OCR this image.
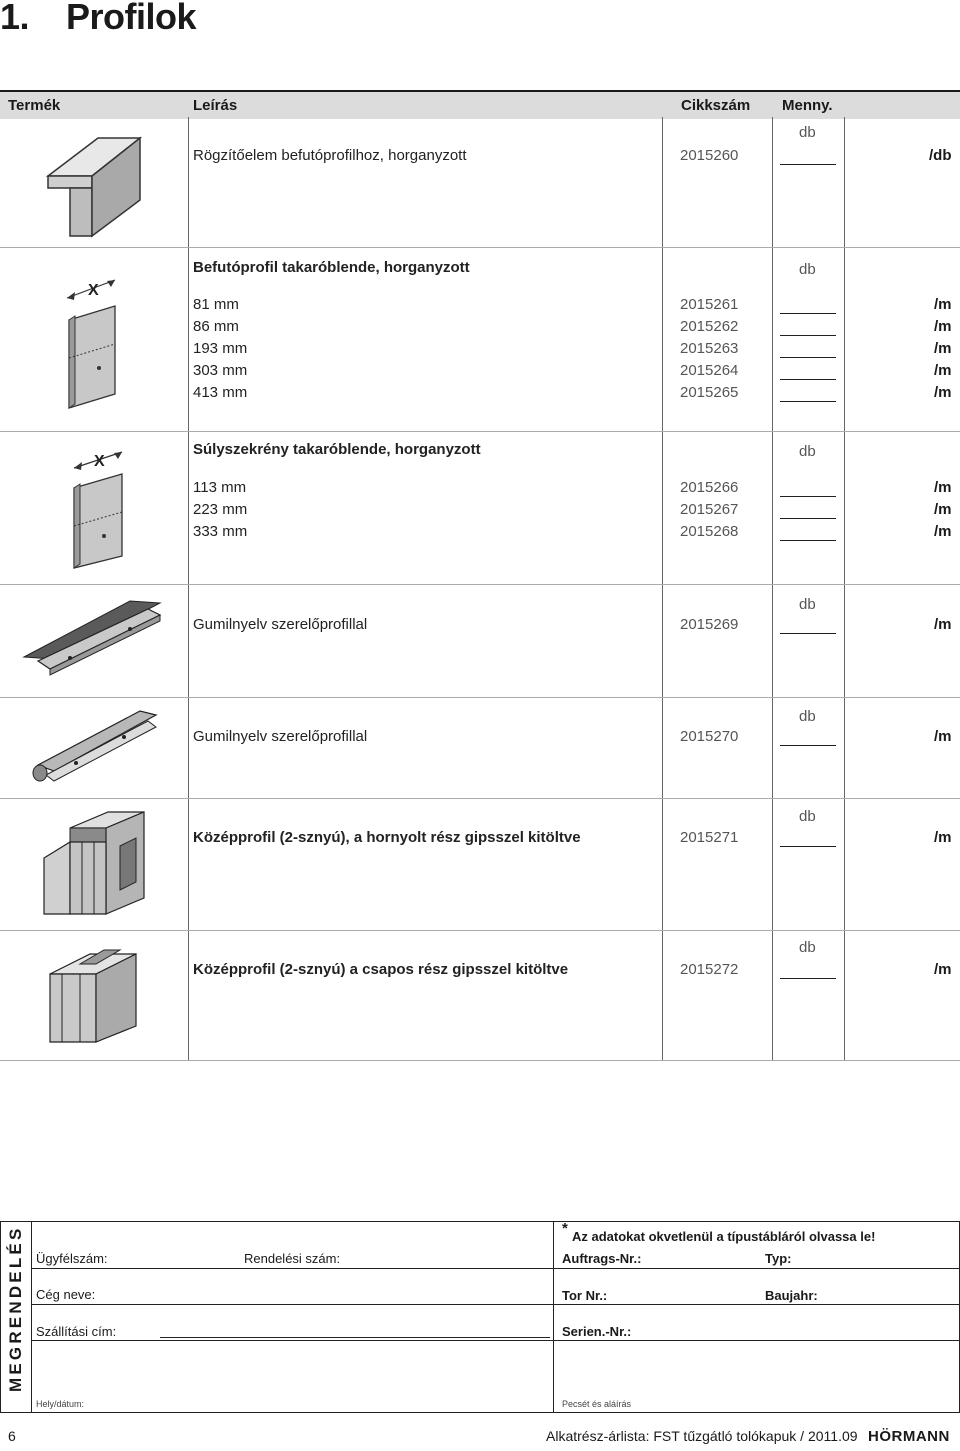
1. Profilok
Termék	Leírás	Cikkszám Menny.
db
Rögzítőelem befutóprofilhoz, horganyzott	2015260	/db
X
Befutóprofil takaróblende, horganyzott	db
81 mm	2015261	/m
86 mm	2015262	/m
193 mm	2015263	/m
303 mm	2015264	/m
413 mm	2015265	/m
X
Súlyszekrény takaróblende, horganyzott	db
113 mm	2015266	/m
223 mm	2015267	/m
333 mm	2015268	/m
db
Gumilnyelv szerelőprofillal	2015269	/m
db
Gumilnyelv szerelőprofillal	2015270	/m
db
Középprofil (2-sznyú), a hornyolt rész gipsszel kitöltve	2015271	/m
db
Középprofil (2-sznyú) a csapos rész gipsszel kitöltve	2015272	/m
MEGRENDELÉS	* Az adatokat okvetlenül a típustábláról olvassa le!
Ügyfélszám:	Rendelési szám:
Cég neve:
Szállítási cím:
Hely/dátum:
Auftrags-Nr.:	Typ:
Tor Nr.:	Baujahr:
Serien.-Nr.:
Pecsét és aláírás
6	Alkatrész-árlista: FST tűzgátló tolókapuk / 2011.09 HÖRMANN
